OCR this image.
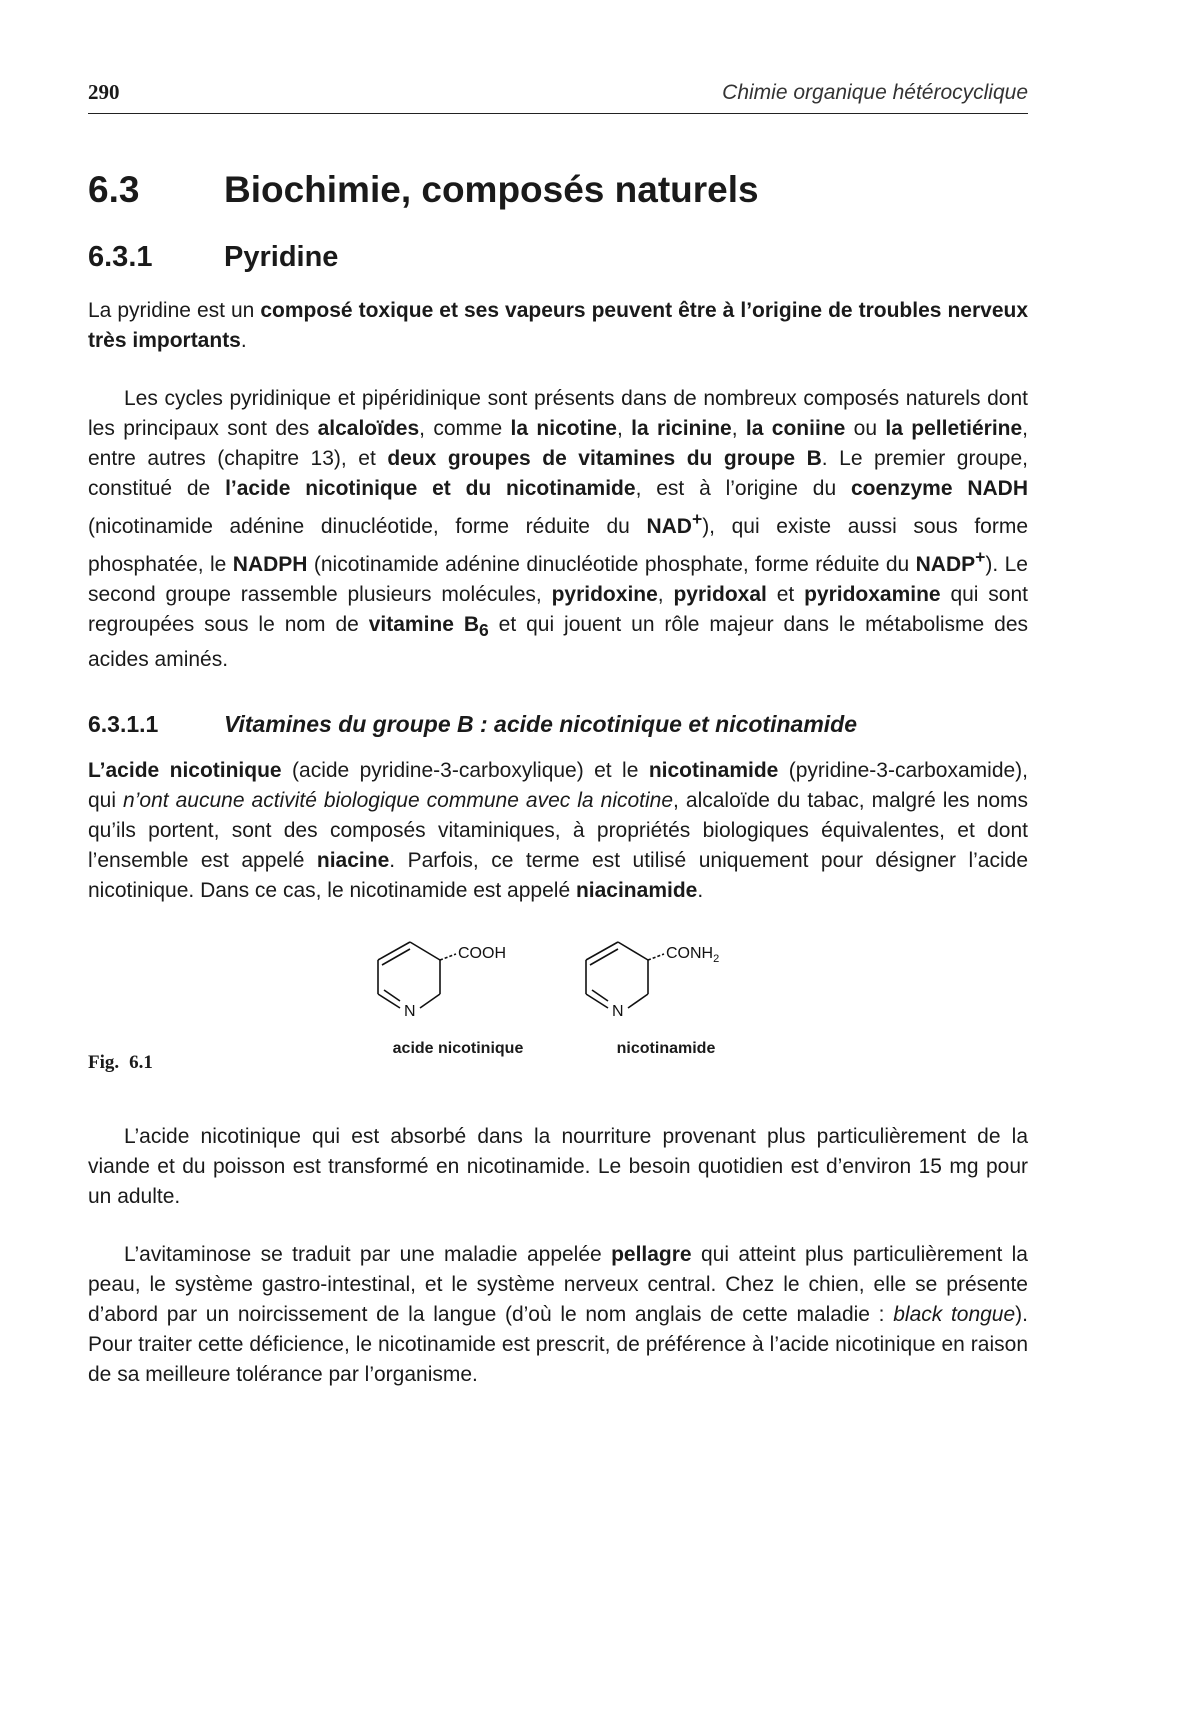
290	Chimie organique hétérocyclique
6.3	Biochimie, composés naturels
6.3.1	Pyridine

La pyridine est un composé toxique et ses vapeurs peuvent être à l’origine de troubles nerveux très importants.

Les cycles pyridinique et pipéridinique sont présents dans de nombreux composés naturels dont les principaux sont des alcaloïdes, comme la nicotine, la ricinine, la coniine ou la pelletiérine, entre autres (chapitre 13), et deux groupes de vitamines du groupe B. Le premier groupe, constitué de l’acide nicotinique et du nicotinamide, est à l’origine du coenzyme NADH (nicotinamide adénine dinucléotide, forme réduite du NAD+), qui existe aussi sous forme phosphatée, le NADPH (nicotinamide adénine dinucléotide phosphate, forme réduite du NADP+). Le second groupe rassemble plusieurs molécules, pyridoxine, pyridoxal et pyridoxamine qui sont regroupées sous le nom de vitamine $B_6$ et qui jouent un rôle majeur dans le métabolisme des acides aminés.

6.3.1.1	Vitamines du groupe B : acide nicotinique et nicotinamide

L’acide nicotinique (acide pyridine-3-carboxylique) et le nicotinamide (pyridine-3-carboxamide), qui n’ont aucune activité biologique commune avec la nicotine, alcaloïde du tabac, malgré les noms qu’ils portent, sont des composés vitaminiques, à propriétés biologiques équivalentes, et dont l’ensemble est appelé niacine. Parfois, ce terme est utilisé uniquement pour désigner l’acide nicotinique. Dans ce cas, le nicotinamide est appelé niacinamide.

N
COOH
acide nicotinique
N
$CONH_2$
nicotinamide
Fig. 6.1

L’acide nicotinique qui est absorbé dans la nourriture provenant plus particulièrement de la viande et du poisson est transformé en nicotinamide. Le besoin quotidien est d’environ 15 mg pour un adulte.

L’avitaminose se traduit par une maladie appelée pellagre qui atteint plus particulièrement la peau, le système gastro-intestinal, et le système nerveux central. Chez le chien, elle se présente d’abord par un noircissement de la langue (d’où le nom anglais de cette maladie : black tongue). Pour traiter cette déficience, le nicotinamide est prescrit, de préférence à l’acide nicotinique en raison de sa meilleure tolérance par l’organisme.
